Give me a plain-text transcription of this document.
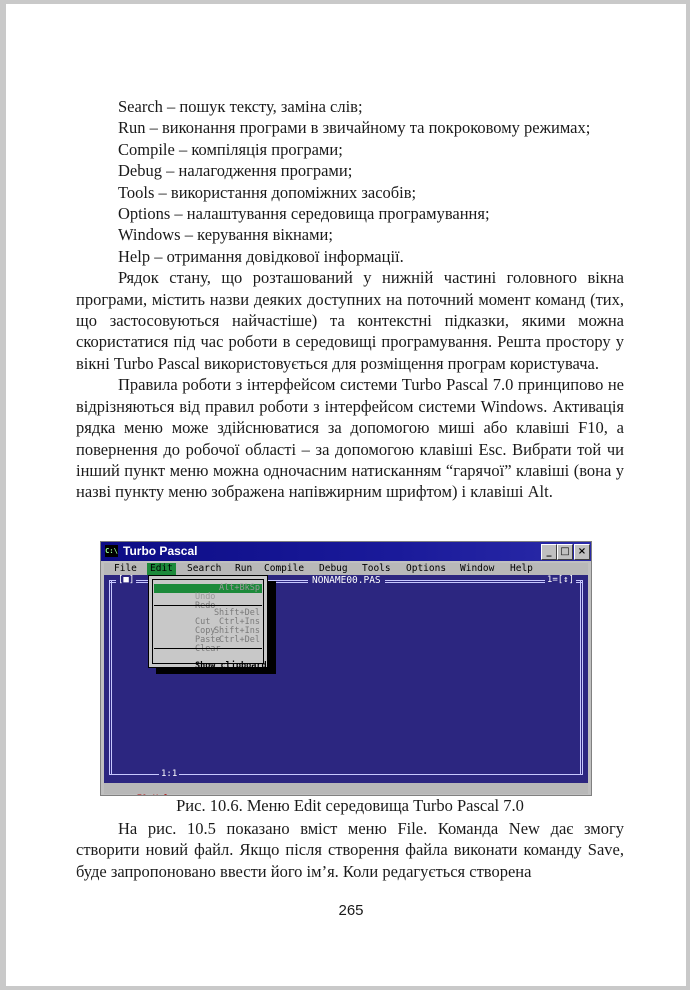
Search – пошук тексту, заміна слів;
Run – виконання програми в звичайному та покроковому режимах;
Compile – компіляція програми;
Debug – налагодження програми;
Tools – використання допоміжних засобів;
Options – налаштування середовища програмування;
Windows – керування вікнами;
Help – отримання довідкової інформації.

Рядок стану, що розташований у нижній частині головного вікна програми, містить назви деяких доступних на поточний момент команд (тих, що застосовуються найчастіше) та контекстні підказки, якими можна скористатися під час роботи в середовищі програмування. Решта простору у вікні Turbo Pascal використовується для розміщення програм користувача.

Правила роботи з інтерфейсом системи Turbo Pascal 7.0 принципово не відрізняються від правил роботи з інтерфейсом системи Windows. Активація рядка меню може здійснюватися за допомогою миші або клавіші F10, а повернення до робочої області – за допомогою клавіші Esc. Вибрати той чи інший пункт меню можна одночасним натисканням “гарячої” клавіші (вона у назві пункту меню зображена напівжирним шрифтом) і клавіші Alt.

C:\ Turbo Pascal	_ □ ×

File

	Edit

	Search

Run

Compile

Debug

Tools

Options

Window

Help

[■]	NONAME00.PAS	1=[↕]
1:1

Undo

Alt+BkSp

Redo

Cut

Shift+Del

Copy

Ctrl+Ins

Paste

Shift+Ins

Clear

Ctrl+Del

Show clipboard

Рис. 10.6. Меню Edit середовища Turbo Pascal 7.0

На рис. 10.5 показано вміст меню File. Команда New дає змогу створити новий файл. Якщо після створення файла виконати команду Save, буде запропоновано ввести його ім’я. Коли редагується створена

265
